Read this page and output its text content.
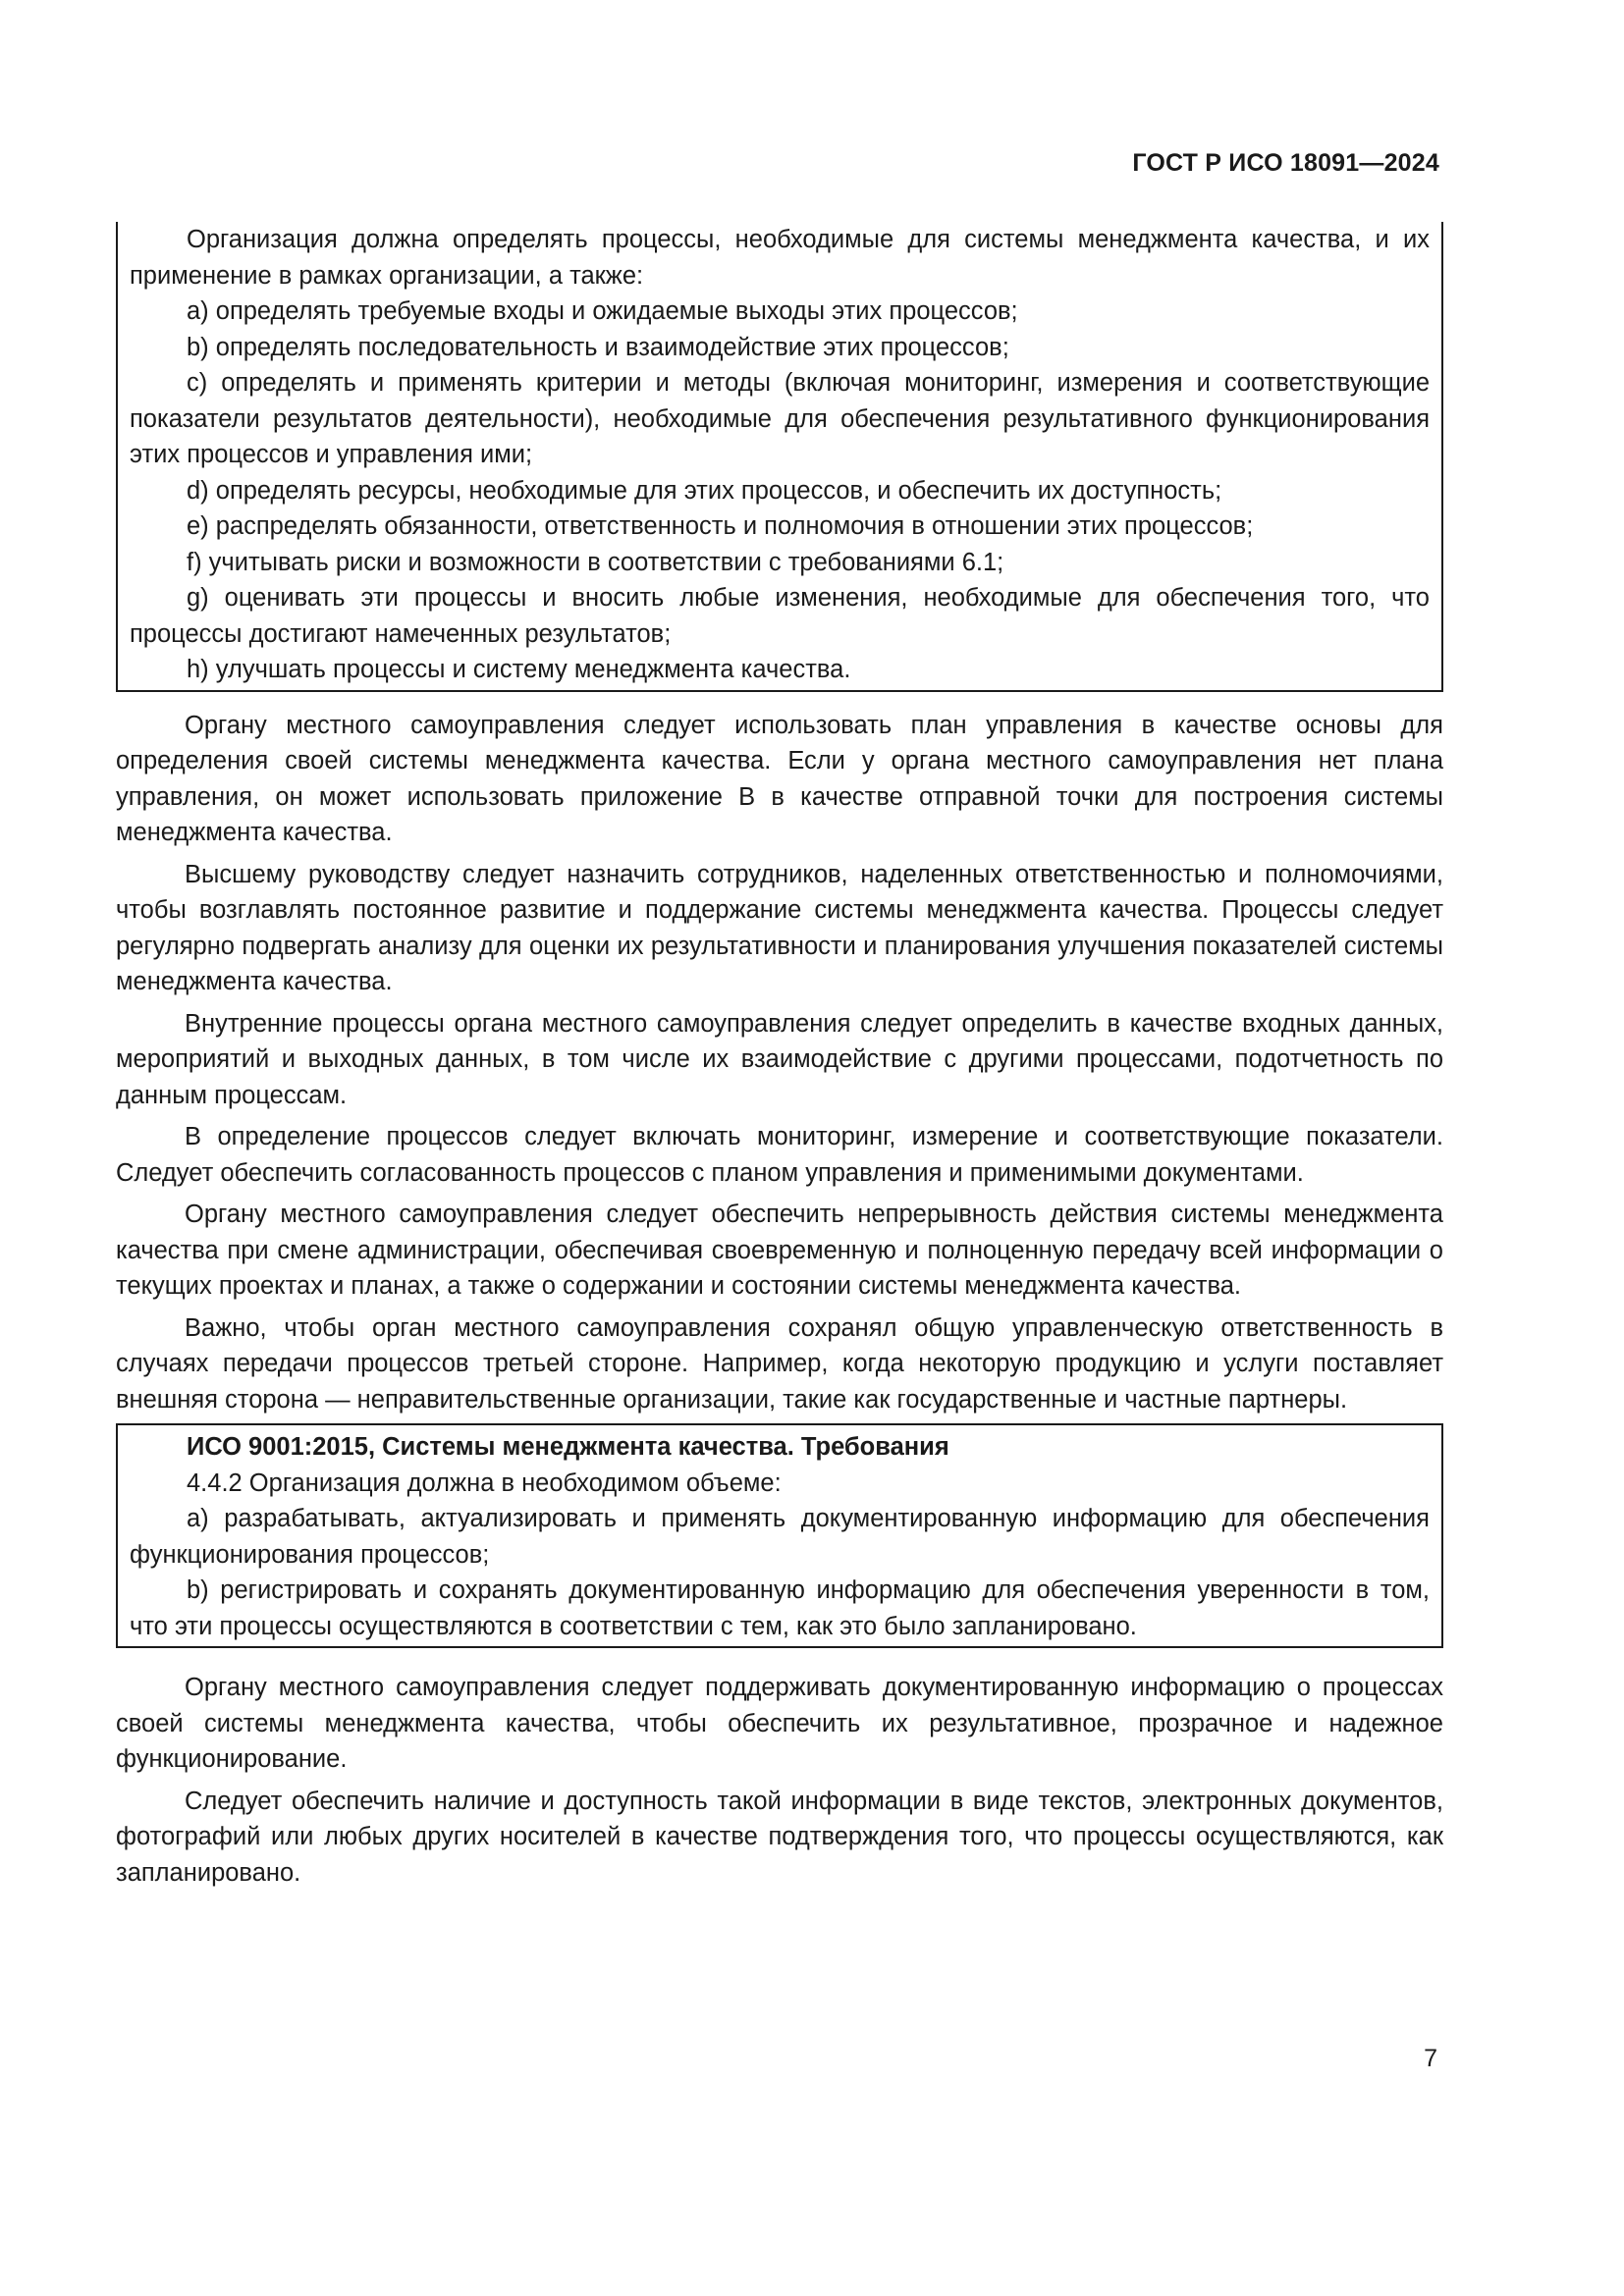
ГОСТ Р ИСО 18091—2024

Организация должна определять процессы, необходимые для системы менеджмента качества, и их применение в рамках организации, а также:

a) определять требуемые входы и ожидаемые выходы этих процессов;

b) определять последовательность и взаимодействие этих процессов;

c) определять и применять критерии и методы (включая мониторинг, измерения и соответствующие показатели результатов деятельности), необходимые для обеспечения результативного функционирования этих процессов и управления ими;

d) определять ресурсы, необходимые для этих процессов, и обеспечить их доступность;

e) распределять обязанности, ответственность и полномочия в отношении этих процессов;

f) учитывать риски и возможности в соответствии с требованиями 6.1;

g) оценивать эти процессы и вносить любые изменения, необходимые для обеспечения того, что процессы достигают намеченных результатов;

h) улучшать процессы и систему менеджмента качества.

Органу местного самоуправления следует использовать план управления в качестве основы для определения своей системы менеджмента качества. Если у органа местного самоуправления нет плана управления, он может использовать приложение B в качестве отправной точки для построения системы менеджмента качества.

Высшему руководству следует назначить сотрудников, наделенных ответственностью и полномочиями, чтобы возглавлять постоянное развитие и поддержание системы менеджмента качества. Процессы следует регулярно подвергать анализу для оценки их результативности и планирования улучшения показателей системы менеджмента качества.

Внутренние процессы органа местного самоуправления следует определить в качестве входных данных, мероприятий и выходных данных, в том числе их взаимодействие с другими процессами, подотчетность по данным процессам.

В определение процессов следует включать мониторинг, измерение и соответствующие показатели. Следует обеспечить согласованность процессов с планом управления и применимыми документами.

Органу местного самоуправления следует обеспечить непрерывность действия системы менеджмента качества при смене администрации, обеспечивая своевременную и полноценную передачу всей информации о текущих проектах и планах, а также о содержании и состоянии системы менеджмента качества.

Важно, чтобы орган местного самоуправления сохранял общую управленческую ответственность в случаях передачи процессов третьей стороне. Например, когда некоторую продукцию и услуги поставляет внешняя сторона — неправительственные организации, такие как государственные и частные партнеры.

ИСО 9001:2015, Системы менеджмента качества. Требования

4.4.2 Организация должна в необходимом объеме:

a) разрабатывать, актуализировать и применять документированную информацию для обеспечения функционирования процессов;

b) регистрировать и сохранять документированную информацию для обеспечения уверенности в том, что эти процессы осуществляются в соответствии с тем, как это было запланировано.

Органу местного самоуправления следует поддерживать документированную информацию о процессах своей системы менеджмента качества, чтобы обеспечить их результативное, прозрачное и надежное функционирование.

Следует обеспечить наличие и доступность такой информации в виде текстов, электронных документов, фотографий или любых других носителей в качестве подтверждения того, что процессы осуществляются, как запланировано.

7
